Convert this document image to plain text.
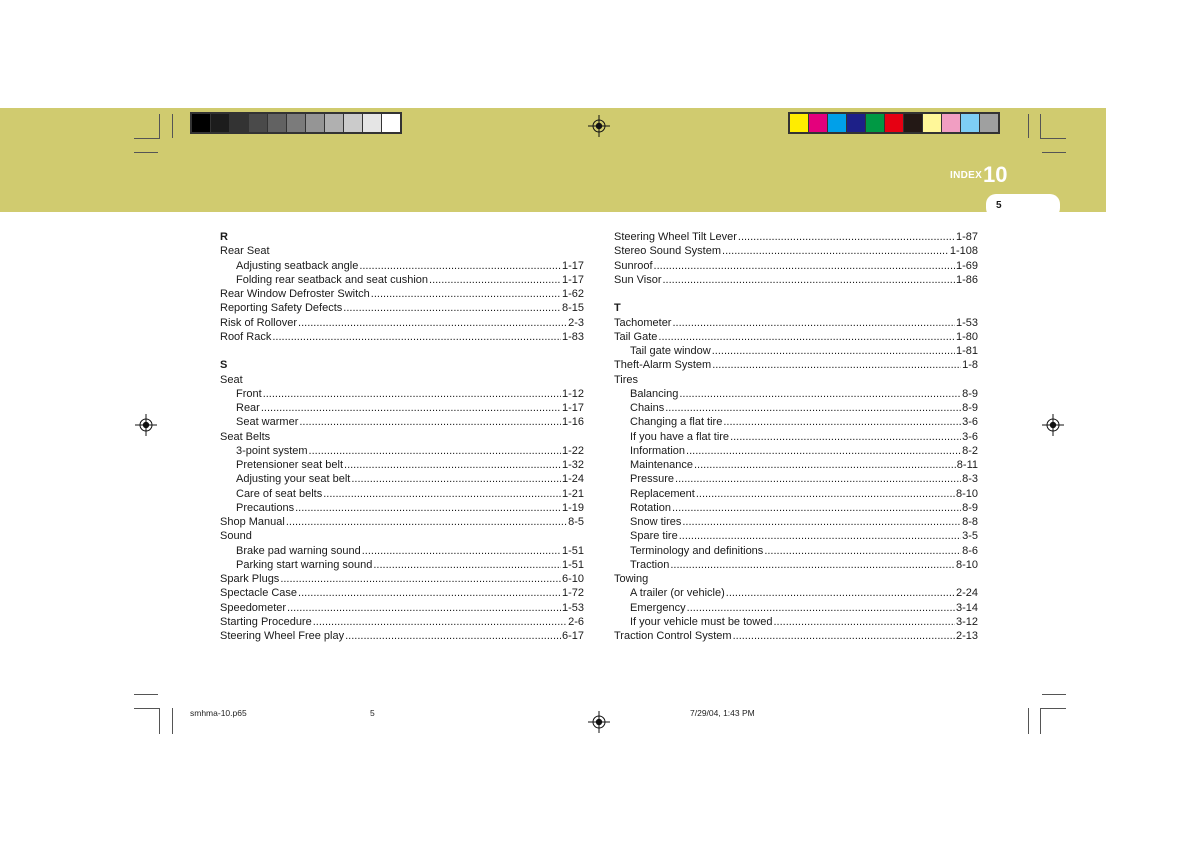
INDEX 10
5
R
Rear Seat
Adjusting seatback angle .....	1-17
Folding rear seatback and seat cushion .....	1-17
Rear Window Defroster Switch .....	1-62
Reporting Safety Defects .....	8-15
Risk of Rollover .....	2-3
Roof Rack .....	1-83
S
Seat
Front .....	1-12
Rear .....	1-17
Seat warmer .....	1-16
Seat Belts
3-point system .....	1-22
Pretensioner seat belt .....	1-32
Adjusting your seat belt .....	1-24
Care of seat belts .....	1-21
Precautions .....	1-19
Shop Manual .....	8-5
Sound
Brake pad warning sound .....	1-51
Parking start warning sound .....	1-51
Spark Plugs .....	6-10
Spectacle Case .....	1-72
Speedometer .....	1-53
Starting Procedure .....	2-6
Steering Wheel Free play .....	6-17
Steering Wheel Tilt Lever .....	1-87
Stereo Sound System .....	1-108
Sunroof .....	1-69
Sun Visor .....	1-86
T
Tachometer .....	1-53
Tail Gate .....	1-80
Tail gate window .....	1-81
Theft-Alarm System .....	1-8
Tires
Balancing .....	8-9
Chains .....	8-9
Changing a flat tire .....	3-6
If you have a flat tire .....	3-6
Information .....	8-2
Maintenance .....	8-11
Pressure .....	8-3
Replacement .....	8-10
Rotation .....	8-9
Snow tires .....	8-8
Spare tire .....	3-5
Terminology and definitions .....	8-6
Traction .....	8-10
Towing
A trailer (or vehicle) .....	2-24
Emergency .....	3-14
If your vehicle must be towed .....	3-12
Traction Control System .....	2-13
smhma-10.p65	5	7/29/04, 1:43 PM
